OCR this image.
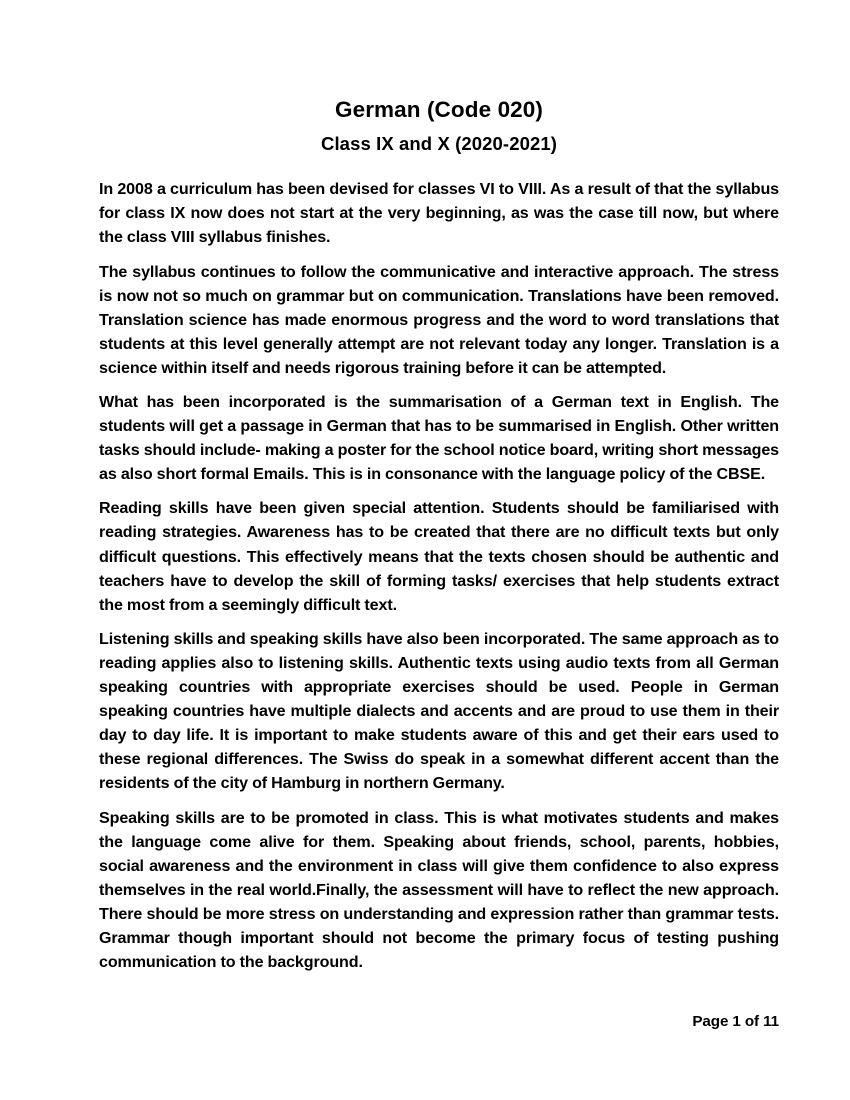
German (Code 020)
Class IX and X (2020-2021)

In 2008 a curriculum has been devised for classes VI to VIII. As a result of that the syllabus for class IX now does not start at the very beginning, as was the case till now, but where the class VIII syllabus finishes.

The syllabus continues to follow the communicative and interactive approach. The stress is now not so much on grammar but on communication. Translations have been removed. Translation science has made enormous progress and the word to word translations that students at this level generally attempt are not relevant today any longer. Translation is a science within itself and needs rigorous training before it can be attempted.

What has been incorporated is the summarisation of a German text in English. The students will get a passage in German that has to be summarised in English. Other written tasks should include- making a poster for the school notice board, writing short messages as also short formal Emails. This is in consonance with the language policy of the CBSE.

Reading skills have been given special attention. Students should be familiarised with reading strategies. Awareness has to be created that there are no difficult texts but only difficult questions. This effectively means that the texts chosen should be authentic and teachers have to develop the skill of forming tasks/ exercises that help students extract the most from a seemingly difficult text.

Listening skills and speaking skills have also been incorporated. The same approach as to reading applies also to listening skills. Authentic texts using audio texts from all German speaking countries with appropriate exercises should be used. People in German speaking countries have multiple dialects and accents and are proud to use them in their day to day life. It is important to make students aware of this and get their ears used to these regional differences. The Swiss do speak in a somewhat different accent than the residents of the city of Hamburg in northern Germany.

Speaking skills are to be promoted in class. This is what motivates students and makes the language come alive for them. Speaking about friends, school, parents, hobbies, social awareness and the environment in class will give them confidence to also express themselves in the real world.Finally, the assessment will have to reflect the new approach. There should be more stress on understanding and expression rather than grammar tests. Grammar though important should not become the primary focus of testing pushing communication to the background.

Page 1 of 11
